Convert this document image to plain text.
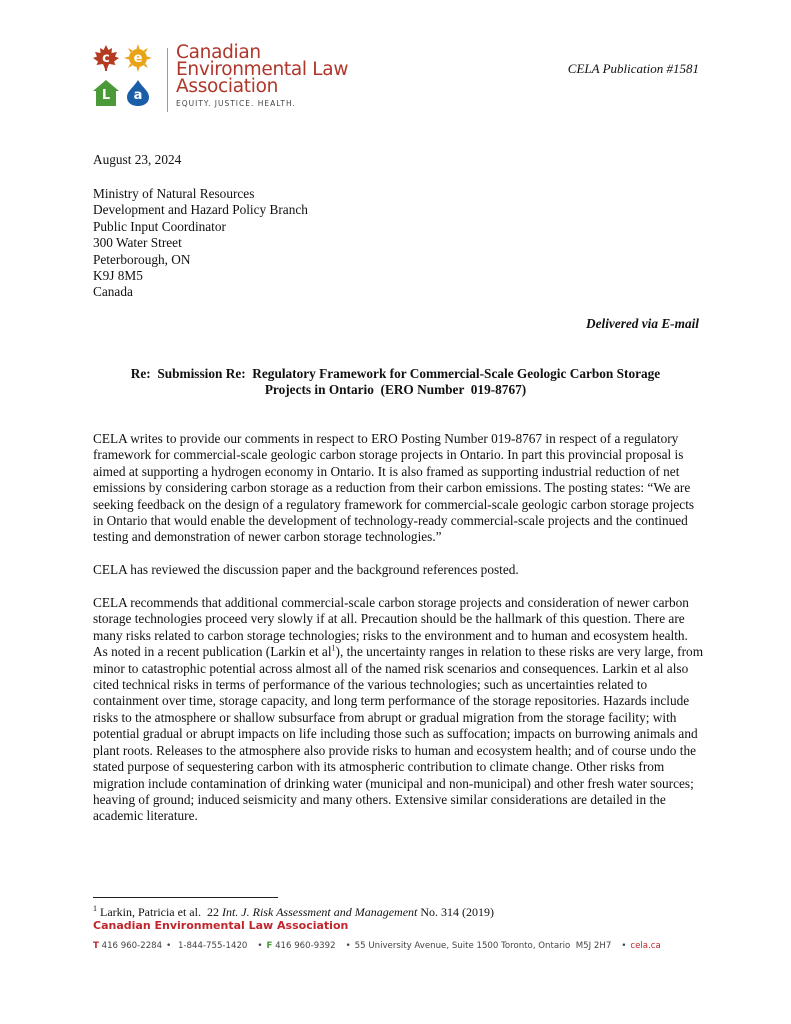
c e
L a
Canadian
Environmental Law
Association
EQUITY. JUSTICE. HEALTH.
CELA Publication #1581
August 23, 2024
Ministry of Natural Resources
Development and Hazard Policy Branch
Public Input Coordinator
300 Water Street
Peterborough, ON
K9J 8M5
Canada
Delivered via E-mail
Re:  Submission Re:  Regulatory Framework for Commercial-Scale Geologic Carbon Storage
Projects in Ontario  (ERO Number  019-8767)

CELA writes to provide our comments in respect to ERO Posting Number 019-8767 in respect of a regulatory framework for commercial-scale geologic carbon storage projects in Ontario. In part this provincial proposal is aimed at supporting a hydrogen economy in Ontario. It is also framed as supporting industrial reduction of net emissions by considering carbon storage as a reduction from their carbon emissions. The posting states: “We are seeking feedback on the design of a regulatory framework for commercial-scale geologic carbon storage projects in Ontario that would enable the development of technology-ready commercial-scale projects and the continued testing and demonstration of newer carbon storage technologies.”

CELA has reviewed the discussion paper and the background references posted.

CELA recommends that additional commercial-scale carbon storage projects and consideration of newer carbon storage technologies proceed very slowly if at all. Precaution should be the hallmark of this question. There are many risks related to carbon storage technologies; risks to the environment and to human and ecosystem health. As noted in a recent publication (Larkin et $al^1$), the uncertainty ranges in relation to these risks are very large, from minor to catastrophic potential across almost all of the named risk scenarios and consequences. Larkin et al also cited technical risks in terms of performance of the various technologies; such as uncertainties related to containment over time, storage capacity, and long term performance of the storage repositories. Hazards include risks to the atmosphere or shallow subsurface from abrupt or gradual migration from the storage facility; with potential gradual or abrupt impacts on life including those such as suffocation; impacts on burrowing animals and plant roots. Releases to the atmosphere also provide risks to human and ecosystem health; and of course undo the stated purpose of sequestering carbon with its atmospheric contribution to climate change. Other risks from migration include contamination of drinking water (municipal and non-municipal) and other fresh water sources; heaving of ground; induced seismicity and many others. Extensive similar considerations are detailed in the academic literature.

$^1$ Larkin, Patricia et al.  22 Int. J. Risk Assessment and Management No. 314 (2019)
Canadian Environmental Law Association
T 416 960-2284 • 1-844-755-1420 • F 416 960-9392 • 55 University Avenue, Suite 1500 Toronto, Ontario  M5J 2H7 • cela.ca
